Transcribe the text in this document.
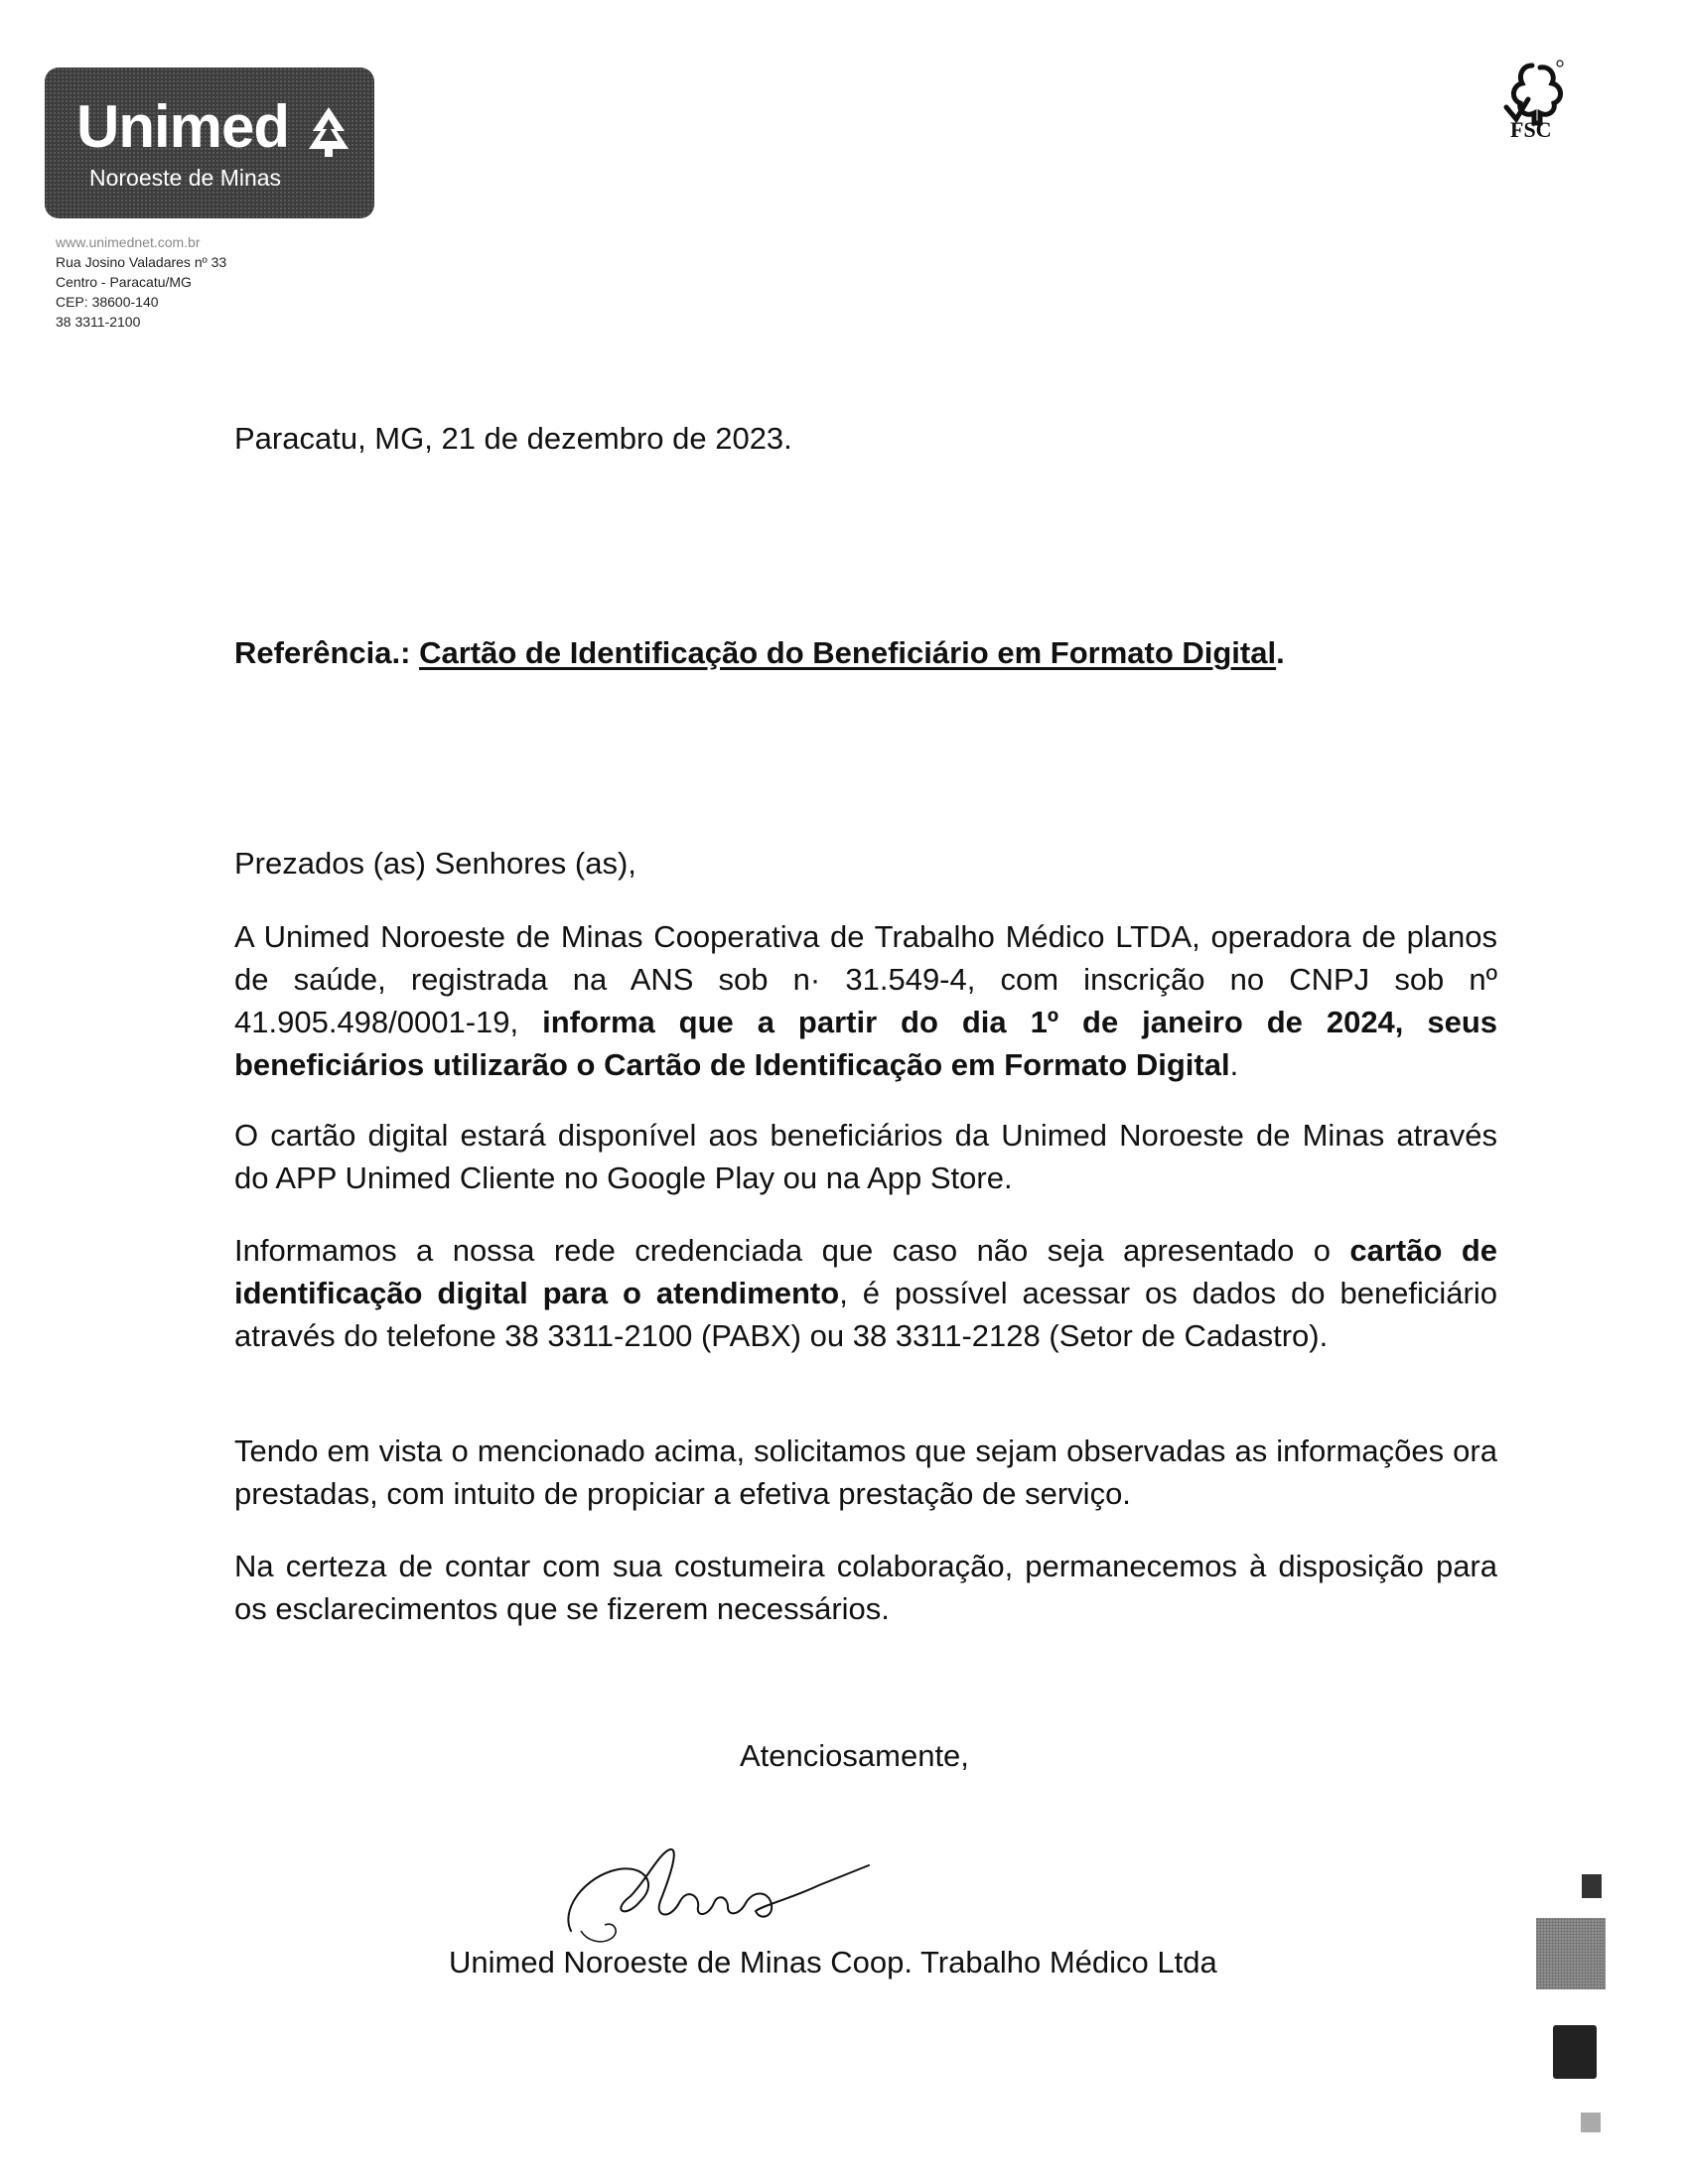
Unimed
Noroeste de Minas
www.unimednet.com.br
Rua Josino Valadares nº 33
Centro - Paracatu/MG
CEP: 38600-140
38 3311-2100
FSC
Paracatu, MG, 21 de dezembro de 2023.
Referência.: Cartão de Identificação do Beneficiário em Formato Digital.
Prezados (as) Senhores (as),
A Unimed Noroeste de Minas Cooperativa de Trabalho Médico LTDA, operadora de planos de saúde, registrada na ANS sob n· 31.549-4, com inscrição no CNPJ sob nº 41.905.498/0001-19, informa que a partir do dia 1º de janeiro de 2024, seus beneficiários utilizarão o Cartão de Identificação em Formato Digital.
O cartão digital estará disponível aos beneficiários da Unimed Noroeste de Minas através do APP Unimed Cliente no Google Play ou na App Store.
Informamos a nossa rede credenciada que caso não seja apresentado o cartão de identificação digital para o atendimento, é possível acessar os dados do beneficiário através do telefone 38 3311-2100 (PABX) ou 38 3311-2128 (Setor de Cadastro).
Tendo em vista o mencionado acima, solicitamos que sejam observadas as informações ora prestadas, com intuito de propiciar a efetiva prestação de serviço.
Na certeza de contar com sua costumeira colaboração, permanecemos à disposição para os esclarecimentos que se fizerem necessários.
Atenciosamente,
Unimed Noroeste de Minas Coop. Trabalho Médico Ltda
